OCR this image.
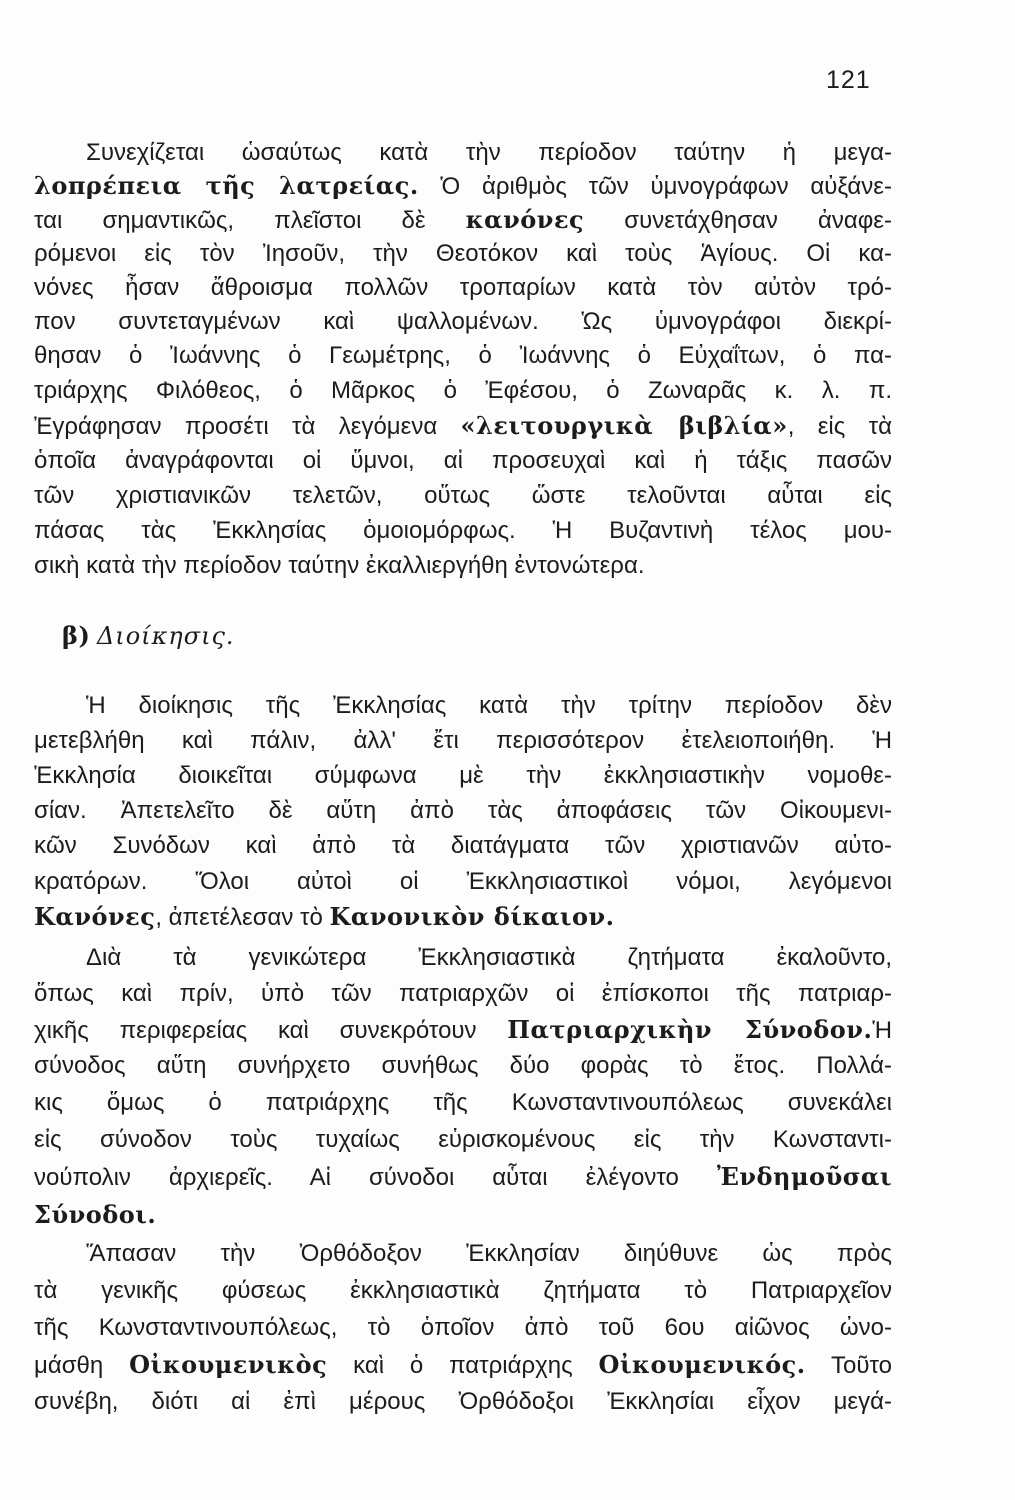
121
Συνεχίζεται ὡσαύτως κατὰ τὴν περίοδον ταύτην ἡ μεγα-
λοπρέπεια τῆς λατρείας. Ὁ ἀριθμὸς τῶν ὑμνογράφων αὐξάνε-
ται σημαντικῶς, πλεῖστοι δὲ κανόνες συνετάχθησαν ἀναφε-
ρόμενοι εἰς τὸν Ἰησοῦν, τὴν Θεοτόκον καὶ τοὺς Ἁγίους. Οἱ κα-
νόνες ἦσαν ἄθροισμα πολλῶν τροπαρίων κατὰ τὸν αὐτὸν τρό-
πον συντεταγμένων καὶ ψαλλομένων. Ὡς ὑμνογράφοι διεκρί-
θησαν ὁ Ἰωάννης ὁ Γεωμέτρης, ὁ Ἰωάννης ὁ Εὐχαΐτων, ὁ πα-
τριάρχης Φιλόθεος, ὁ Μᾶρκος ὁ Ἐφέσου, ὁ Ζωναρᾶς κ. λ. π.
Ἐγράφησαν προσέτι τὰ λεγόμενα «λειτουργικὰ βιβλία», εἰς τὰ
ὁποῖα ἀναγράφονται οἱ ὕμνοι, αἱ προσευχαὶ καὶ ἡ τάξις πασῶν
τῶν χριστιανικῶν τελετῶν, οὕτως ὥστε τελοῦνται αὗται εἰς
πάσας τὰς Ἐκκλησίας ὁμοιομόρφως. Ἡ Βυζαντινὴ τέλος μου-
σικὴ κατὰ τὴν περίοδον ταύτην ἐκαλλιεργήθη ἐντονώτερα.
β) Διοίκησις.
Ἡ διοίκησις τῆς Ἐκκλησίας κατὰ τὴν τρίτην περίοδον δὲν
μετεβλήθη καὶ πάλιν, ἀλλ' ἔτι περισσότερον ἐτελειοποιήθη. Ἡ
Ἐκκλησία διοικεῖται σύμφωνα μὲ τὴν ἐκκλησιαστικὴν νομοθε-
σίαν. Ἀπετελεῖτο δὲ αὕτη ἀπὸ τὰς ἀποφάσεις τῶν Οἰκουμενι-
κῶν Συνόδων καὶ ἀπὸ τὰ διατάγματα τῶν χριστιανῶν αὐτο-
κρατόρων. Ὅλοι αὐτοὶ οἱ Ἐκκλησιαστικοὶ νόμοι, λεγόμενοι
Κανόνες, ἀπετέλεσαν τὸ Κανονικὸν δίκαιον.
Διὰ τὰ γενικώτερα Ἐκκλησιαστικὰ ζητήματα ἐκαλοῦντο,
ὅπως καὶ πρίν, ὑπὸ τῶν πατριαρχῶν οἱ ἐπίσκοποι τῆς πατριαρ-
χικῆς περιφερείας καὶ συνεκρότουν Πατριαρχικὴν Σύνοδον.Ἡ
σύνοδος αὕτη συνήρχετο συνήθως δύο φορὰς τὸ ἔτος. Πολλά-
κις ὅμως ὁ πατριάρχης τῆς Κωνσταντινουπόλεως συνεκάλει
εἰς σύνοδον τοὺς τυχαίως εὑρισκομένους εἰς τὴν Κωνσταντι-
νούπολιν ἀρχιερεῖς. Αἱ σύνοδοι αὗται ἐλέγοντο Ἐνδημοῦσαι
Σύνοδοι.
Ἅπασαν τὴν Ὀρθόδοξον Ἐκκλησίαν διηύθυνε ὡς πρὸς
τὰ γενικῆς φύσεως ἐκκλησιαστικὰ ζητήματα τὸ Πατριαρχεῖον
τῆς Κωνσταντινουπόλεως, τὸ ὁποῖον ἀπὸ τοῦ 6ου αἰῶνος ὠνο-
μάσθη Οἰκουμενικὸς καὶ ὁ πατριάρχης Οἰκουμενικός. Τοῦτο
συνέβη, διότι αἱ ἐπὶ μέρους Ὀρθόδοξοι Ἐκκλησίαι εἶχον μεγά-
